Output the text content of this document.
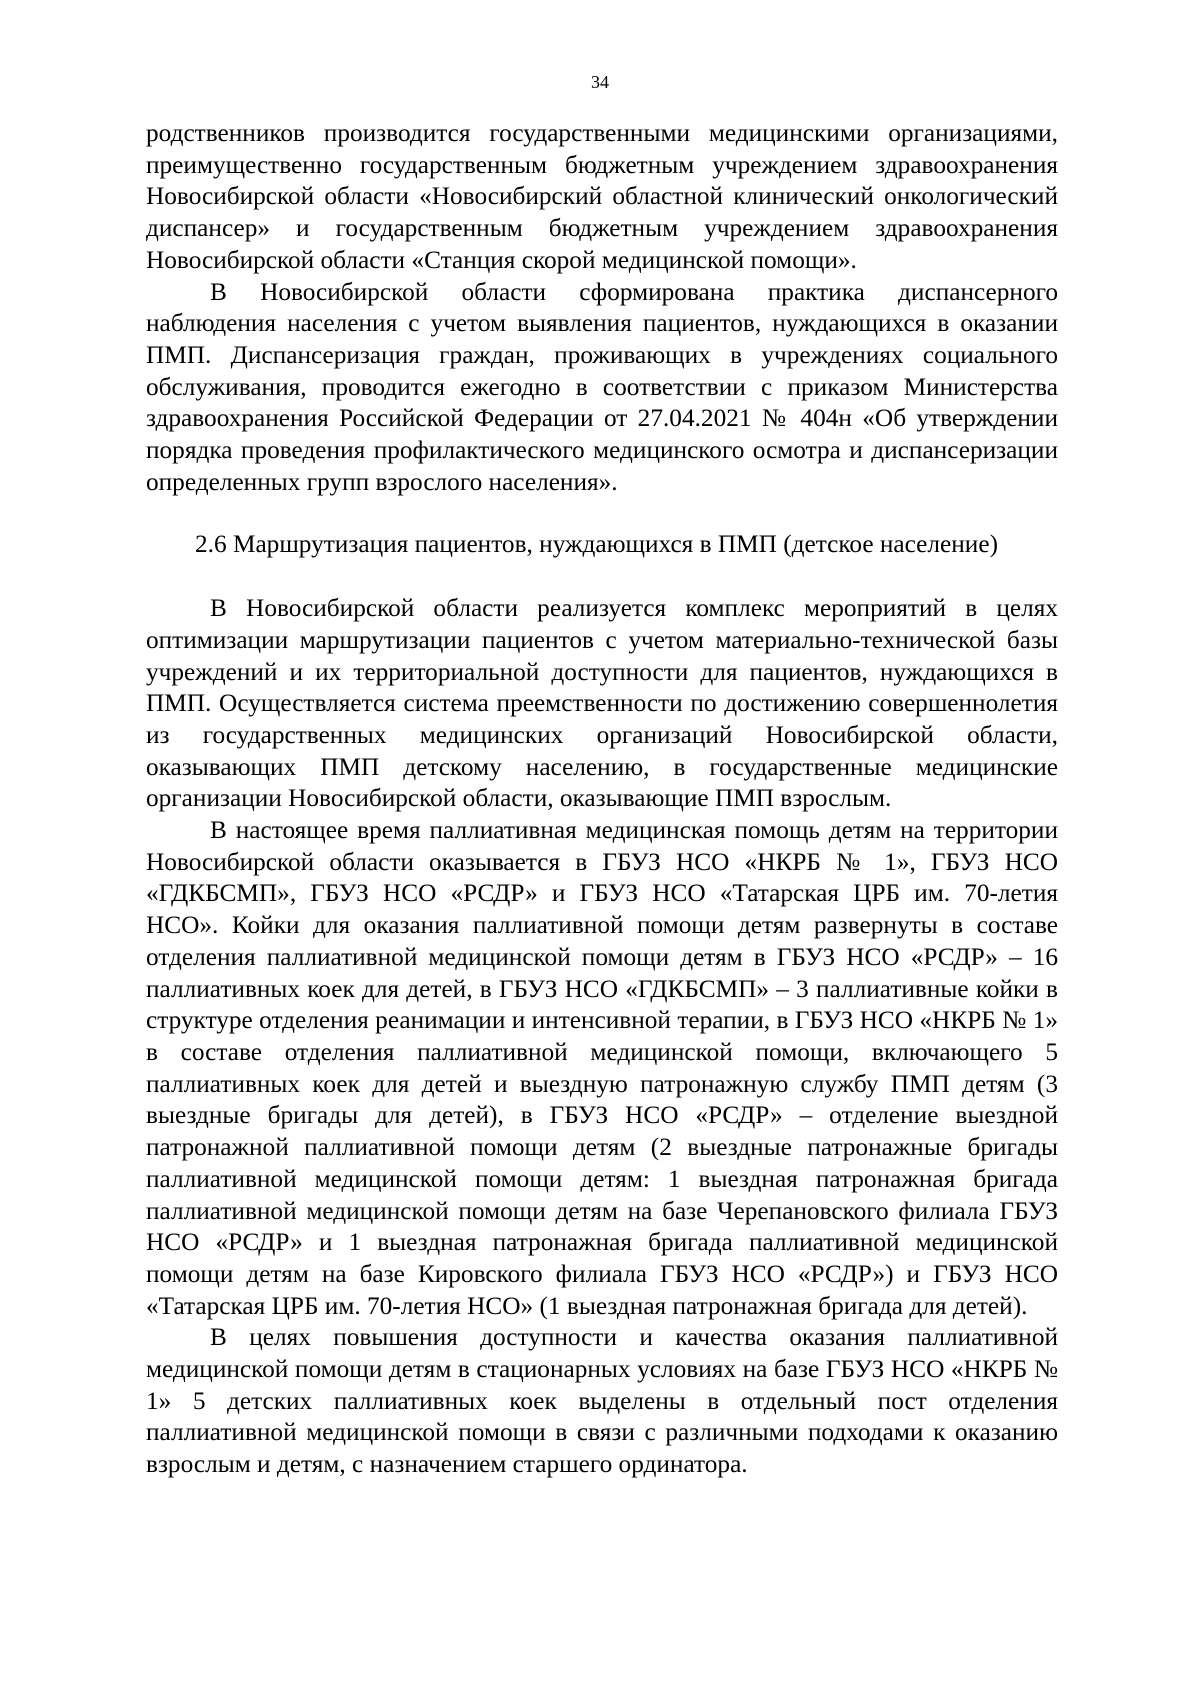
34

родственников производится государственными медицинскими организациями, преимущественно государственным бюджетным учреждением здравоохранения Новосибирской области «Новосибирский областной клинический онкологический диспансер» и государственным бюджетным учреждением здравоохранения Новосибирской области «Станция скорой медицинской помощи».

В Новосибирской области сформирована практика диспансерного наблюдения населения с учетом выявления пациентов, нуждающихся в оказании ПМП. Диспансеризация граждан, проживающих в учреждениях социального обслуживания, проводится ежегодно в соответствии с приказом Министерства здравоохранения Российской Федерации от 27.04.2021 № 404н «Об утверждении порядка проведения профилактического медицинского осмотра и диспансеризации определенных групп взрослого населения».

2.6 Маршрутизация пациентов, нуждающихся в ПМП (детское население)

В Новосибирской области реализуется комплекс мероприятий в целях оптимизации маршрутизации пациентов с учетом материально-технической базы учреждений и их территориальной доступности для пациентов, нуждающихся в ПМП. Осуществляется система преемственности по достижению совершеннолетия из государственных медицинских организаций Новосибирской области, оказывающих ПМП детскому населению, в государственные медицинские организации Новосибирской области, оказывающие ПМП взрослым.

В настоящее время паллиативная медицинская помощь детям на территории Новосибирской области оказывается в ГБУЗ НСО «НКРБ № 1», ГБУЗ НСО «ГДКБСМП», ГБУЗ НСО «РСДР» и ГБУЗ НСО «Татарская ЦРБ им. 70-летия НСО». Койки для оказания паллиативной помощи детям развернуты в составе отделения паллиативной медицинской помощи детям в ГБУЗ НСО «РСДР» – 16 паллиативных коек для детей, в ГБУЗ НСО «ГДКБСМП» – 3 паллиативные койки в структуре отделения реанимации и интенсивной терапии, в ГБУЗ НСО «НКРБ № 1» в составе отделения паллиативной медицинской помощи, включающего 5 паллиативных коек для детей и выездную патронажную службу ПМП детям (3 выездные бригады для детей), в ГБУЗ НСО «РСДР» – отделение выездной патронажной паллиативной помощи детям (2 выездные патронажные бригады паллиативной медицинской помощи детям: 1 выездная патронажная бригада паллиативной медицинской помощи детям на базе Черепановского филиала ГБУЗ НСО «РСДР» и 1 выездная патронажная бригада паллиативной медицинской помощи детям на базе Кировского филиала ГБУЗ НСО «РСДР») и ГБУЗ НСО «Татарская ЦРБ им. 70-летия НСО» (1 выездная патронажная бригада для детей).

В целях повышения доступности и качества оказания паллиативной медицинской помощи детям в стационарных условиях на базе ГБУЗ НСО «НКРБ № 1» 5 детских паллиативных коек выделены в отдельный пост отделения паллиативной медицинской помощи в связи с различными подходами к оказанию взрослым и детям, с назначением старшего ординатора.
